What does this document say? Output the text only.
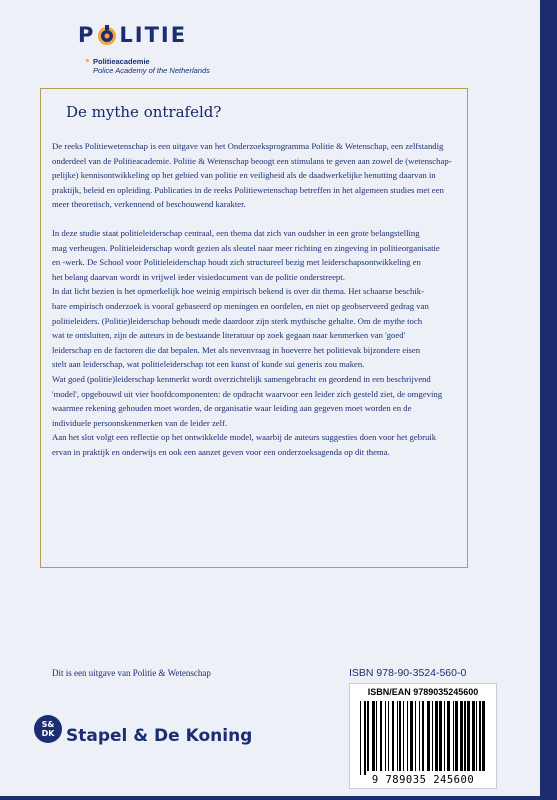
P LITIE
Politieacademie
Police Academy of the Netherlands
De mythe ontrafeld?
De reeks Politiewetenschap is een uitgave van het Onderzoeksprogramma Politie & Wetenschap, een zelfstandig
onderdeel van de Politieacademie. Politie & Wetenschap beoogt een stimulans te geven aan zowel de (wetenschap-
pelijke) kennisontwikkeling op het gebied van politie en veiligheid als de daadwerkelijke benutting daarvan in
praktijk, beleid en opleiding. Publicaties in de reeks Politiewetenschap betreffen in het algemeen studies met een
meer theoretisch, verkennend of beschouwend karakter.
In deze studie staat politieleiderschap centraal, een thema dat zich van oudsher in een grote belangstelling
mag verheugen. Politieleiderschap wordt gezien als sleutel naar meer richting en zingeving in politieorganisatie
en -werk. De School voor Politieleiderschap houdt zich structureel bezig met leiderschapsontwikkeling en
het belang daarvan wordt in vrijwel ieder visiedocument van de politie onderstreept.
In dat licht bezien is het opmerkelijk hoe weinig empirisch bekend is over dit thema. Het schaarse beschik-
bare empirisch onderzoek is vooral gebaseerd op meningen en oordelen, en niet op geobserveerd gedrag van
politieleiders. (Politie)leiderschap behoudt mede daardoor zijn sterk mythische gehalte. Om de mythe toch
wat te ontsluiten, zijn de auteurs in de bestaande literatuur op zoek gegaan naar kenmerken van 'goed'
leiderschap en de factoren die dat bepalen. Met als nevenvraag in hoeverre het politievak bijzondere eisen
stelt aan leiderschap, wat politieleiderschap tot een kunst of kunde sui generis zou maken.
Wat goed (politie)leiderschap kenmerkt wordt overzichtelijk samengebracht en geordend in een beschrijvend
'model', opgebouwd uit vier hoofdcomponenten: de opdracht waarvoor een leider zich gesteld ziet, de omgeving
waarmee rekening gehouden moet worden, de organisatie waar leiding aan gegeven moet worden en de
individuele persoonskenmerken van de leider zelf.
Aan het slot volgt een reflectie op het ontwikkelde model, waarbij de auteurs suggesties doen voor het gebruik
ervan in praktijk en onderwijs en ook een aanzet geven voor een onderzoeksagenda op dit thema.
Dit is een uitgave van Politie & Wetenschap	ISBN 978-90-3524-560-0
ISBN/EAN 9789035245600
9 789035 245600
S&
DK Stapel & De Koning
